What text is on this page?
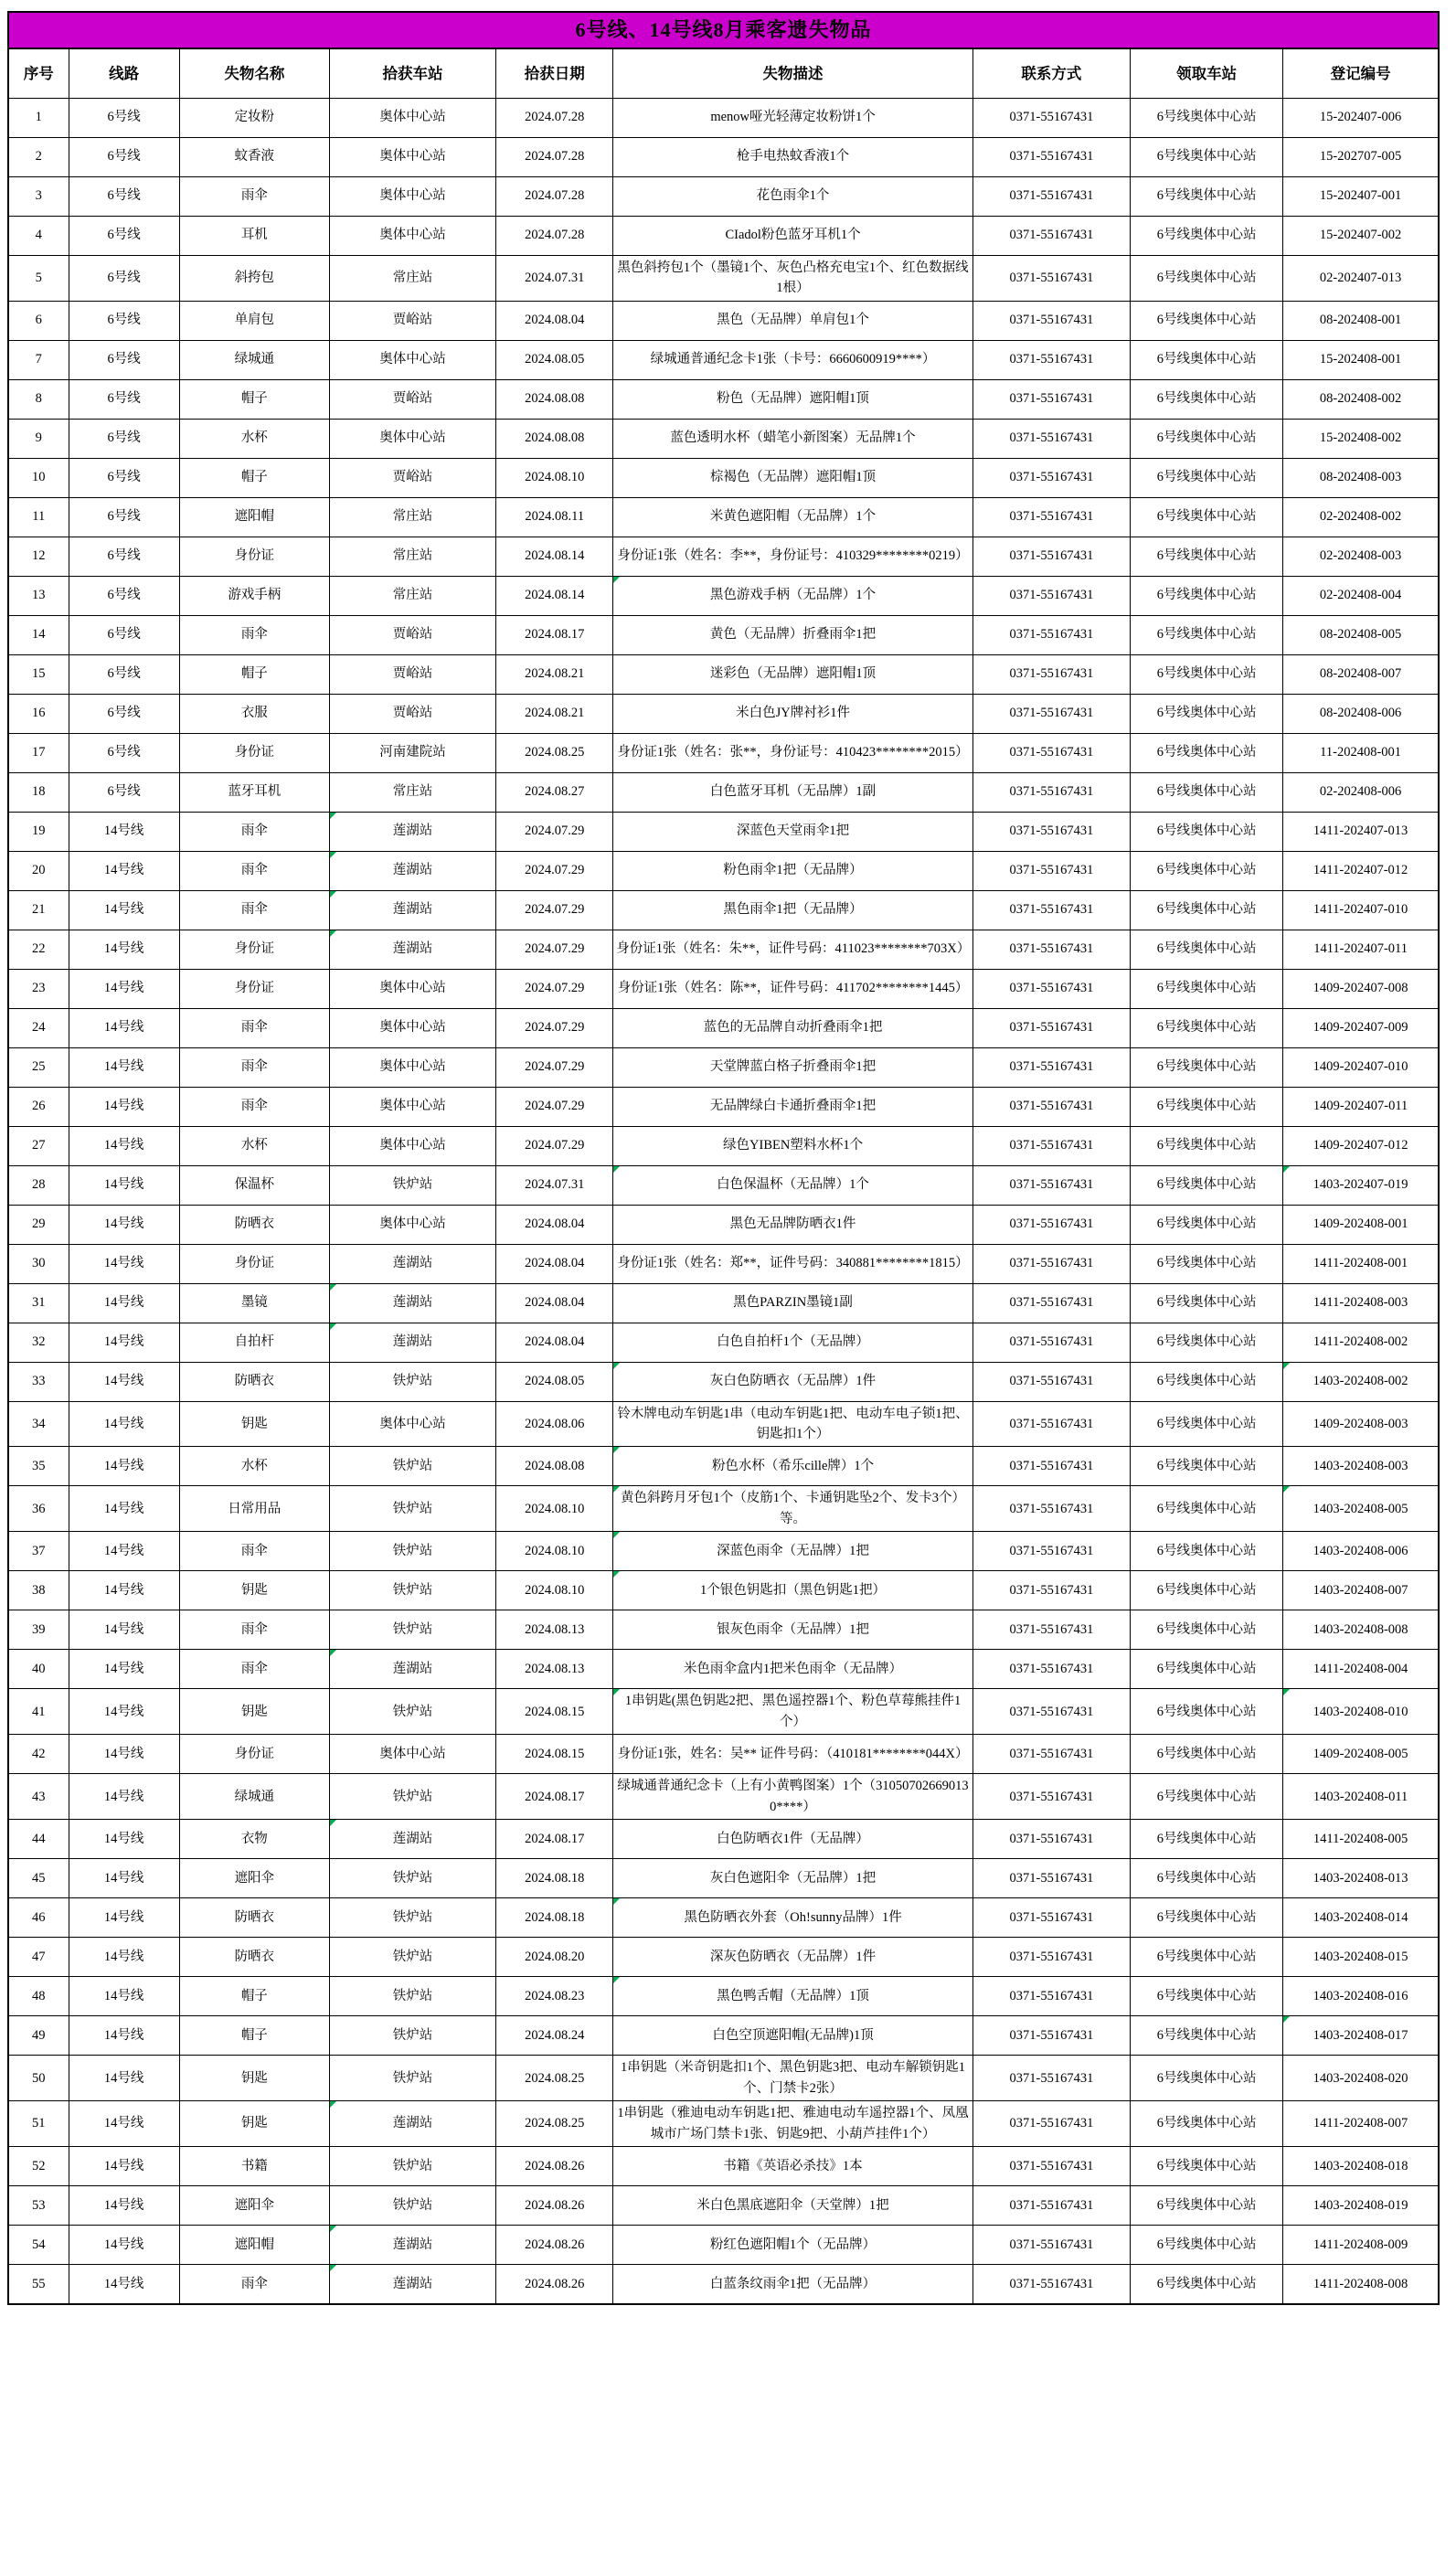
6号线、14号线8月乘客遗失物品								
序号	线路	失物名称	拾获车站	拾获日期	失物描述	联系方式	领取车站	登记编号
1	6号线	定妆粉	奥体中心站	2024.07.28	menow哑光轻薄定妆粉饼1个	0371-55167431	6号线奥体中心站	15-202407-006
2	6号线	蚊香液	奥体中心站	2024.07.28	枪手电热蚊香液1个	0371-55167431	6号线奥体中心站	15-202707-005
3	6号线	雨伞	奥体中心站	2024.07.28	花色雨伞1个	0371-55167431	6号线奥体中心站	15-202407-001
4	6号线	耳机	奥体中心站	2024.07.28	CIadol粉色蓝牙耳机1个	0371-55167431	6号线奥体中心站	15-202407-002
5	6号线	斜挎包	常庄站	2024.07.31	黑色斜挎包1个（墨镜1个、灰色凸格充电宝1个、红色数据线1根）	0371-55167431	6号线奥体中心站	02-202407-013
6	6号线	单肩包	贾峪站	2024.08.04	黑色（无品牌）单肩包1个	0371-55167431	6号线奥体中心站	08-202408-001
7	6号线	绿城通	奥体中心站	2024.08.05	绿城通普通纪念卡1张（卡号：6660600919****）	0371-55167431	6号线奥体中心站	15-202408-001
8	6号线	帽子	贾峪站	2024.08.08	粉色（无品牌）遮阳帽1顶	0371-55167431	6号线奥体中心站	08-202408-002
9	6号线	水杯	奥体中心站	2024.08.08	蓝色透明水杯（蜡笔小新图案）无品牌1个	0371-55167431	6号线奥体中心站	15-202408-002
10	6号线	帽子	贾峪站	2024.08.10	棕褐色（无品牌）遮阳帽1顶	0371-55167431	6号线奥体中心站	08-202408-003
11	6号线	遮阳帽	常庄站	2024.08.11	米黄色遮阳帽（无品牌）1个	0371-55167431	6号线奥体中心站	02-202408-002
12	6号线	身份证	常庄站	2024.08.14	身份证1张（姓名：李**，身份证号：410329********0219）	0371-55167431	6号线奥体中心站	02-202408-003
13	6号线	游戏手柄	常庄站	2024.08.14	黑色游戏手柄（无品牌）1个	0371-55167431	6号线奥体中心站	02-202408-004
14	6号线	雨伞	贾峪站	2024.08.17	黄色（无品牌）折叠雨伞1把	0371-55167431	6号线奥体中心站	08-202408-005
15	6号线	帽子	贾峪站	2024.08.21	迷彩色（无品牌）遮阳帽1顶	0371-55167431	6号线奥体中心站	08-202408-007
16	6号线	衣服	贾峪站	2024.08.21	米白色JY牌衬衫1件	0371-55167431	6号线奥体中心站	08-202408-006
17	6号线	身份证	河南建院站	2024.08.25	身份证1张（姓名：张**，身份证号：410423********2015）	0371-55167431	6号线奥体中心站	11-202408-001
18	6号线	蓝牙耳机	常庄站	2024.08.27	白色蓝牙耳机（无品牌）1副	0371-55167431	6号线奥体中心站	02-202408-006
19	14号线	雨伞	莲湖站	2024.07.29	深蓝色天堂雨伞1把	0371-55167431	6号线奥体中心站	1411-202407-013
20	14号线	雨伞	莲湖站	2024.07.29	粉色雨伞1把（无品牌）	0371-55167431	6号线奥体中心站	1411-202407-012
21	14号线	雨伞	莲湖站	2024.07.29	黑色雨伞1把（无品牌）	0371-55167431	6号线奥体中心站	1411-202407-010
22	14号线	身份证	莲湖站	2024.07.29	身份证1张（姓名：朱**，证件号码：411023********703X）	0371-55167431	6号线奥体中心站	1411-202407-011
23	14号线	身份证	奥体中心站	2024.07.29	身份证1张（姓名：陈**，证件号码：411702********1445）	0371-55167431	6号线奥体中心站	1409-202407-008
24	14号线	雨伞	奥体中心站	2024.07.29	蓝色的无品牌自动折叠雨伞1把	0371-55167431	6号线奥体中心站	1409-202407-009
25	14号线	雨伞	奥体中心站	2024.07.29	天堂牌蓝白格子折叠雨伞1把	0371-55167431	6号线奥体中心站	1409-202407-010
26	14号线	雨伞	奥体中心站	2024.07.29	无品牌绿白卡通折叠雨伞1把	0371-55167431	6号线奥体中心站	1409-202407-011
27	14号线	水杯	奥体中心站	2024.07.29	绿色YIBEN塑料水杯1个	0371-55167431	6号线奥体中心站	1409-202407-012
28	14号线	保温杯	铁炉站	2024.07.31	白色保温杯（无品牌）1个	0371-55167431	6号线奥体中心站	1403-202407-019

29	14号线	防晒衣	奥体中心站	2024.08.04	黑色无品牌防晒衣1件	0371-55167431	6号线奥体中心站	1409-202408-001
30	14号线	身份证	莲湖站	2024.08.04	身份证1张（姓名：郑**，证件号码：340881********1815）	0371-55167431	6号线奥体中心站	1411-202408-001
31	14号线	墨镜	莲湖站	2024.08.04	黑色PARZIN墨镜1副	0371-55167431	6号线奥体中心站	1411-202408-003
32	14号线	自拍杆	莲湖站	2024.08.04	白色自拍杆1个（无品牌）	0371-55167431	6号线奥体中心站	1411-202408-002
33	14号线	防晒衣	铁炉站	2024.08.05	灰白色防晒衣（无品牌）1件	0371-55167431	6号线奥体中心站	1403-202408-002

34	14号线	钥匙	奥体中心站	2024.08.06	铃木牌电动车钥匙1串（电动车钥匙1把、电动车电子锁1把、钥匙扣1个）	0371-55167431	6号线奥体中心站	1409-202408-003
35	14号线	水杯	铁炉站	2024.08.08	粉色水杯（希乐cille牌）1个	0371-55167431	6号线奥体中心站	1403-202408-003
36	14号线	日常用品	铁炉站	2024.08.10	黄色斜跨月牙包1个（皮筋1个、卡通钥匙坠2个、发卡3个）等。	0371-55167431	6号线奥体中心站	1403-202408-005

37	14号线	雨伞	铁炉站	2024.08.10	深蓝色雨伞（无品牌）1把	0371-55167431	6号线奥体中心站	1403-202408-006
38	14号线	钥匙	铁炉站	2024.08.10	1个银色钥匙扣（黑色钥匙1把）	0371-55167431	6号线奥体中心站	1403-202408-007
39	14号线	雨伞	铁炉站	2024.08.13	银灰色雨伞（无品牌）1把	0371-55167431	6号线奥体中心站	1403-202408-008
40	14号线	雨伞	莲湖站	2024.08.13	米色雨伞盒内1把米色雨伞（无品牌）	0371-55167431	6号线奥体中心站	1411-202408-004
41	14号线	钥匙	铁炉站	2024.08.15	1串钥匙(黑色钥匙2把、黑色遥控器1个、粉色草莓熊挂件1个）	0371-55167431	6号线奥体中心站	1403-202408-010

42	14号线	身份证	奥体中心站	2024.08.15	身份证1张，姓名：吴** 证件号码：（410181********044X）	0371-55167431	6号线奥体中心站	1409-202408-005
43	14号线	绿城通	铁炉站	2024.08.17	绿城通普通纪念卡（上有小黄鸭图案）1个（310507026690130****）	0371-55167431	6号线奥体中心站	1403-202408-011
44	14号线	衣物	莲湖站	2024.08.17	白色防晒衣1件（无品牌）	0371-55167431	6号线奥体中心站	1411-202408-005
45	14号线	遮阳伞	铁炉站	2024.08.18	灰白色遮阳伞（无品牌）1把	0371-55167431	6号线奥体中心站	1403-202408-013
46	14号线	防晒衣	铁炉站	2024.08.18	黑色防晒衣外套（Oh!sunny品牌）1件	0371-55167431	6号线奥体中心站	1403-202408-014
47	14号线	防晒衣	铁炉站	2024.08.20	深灰色防晒衣（无品牌）1件	0371-55167431	6号线奥体中心站	1403-202408-015
48	14号线	帽子	铁炉站	2024.08.23	黑色鸭舌帽（无品牌）1顶	0371-55167431	6号线奥体中心站	1403-202408-016
49	14号线	帽子	铁炉站	2024.08.24	白色空顶遮阳帽(无品牌)1顶	0371-55167431	6号线奥体中心站	1403-202408-017

50	14号线	钥匙	铁炉站	2024.08.25	1串钥匙（米奇钥匙扣1个、黑色钥匙3把、电动车解锁钥匙1个、门禁卡2张）	0371-55167431	6号线奥体中心站	1403-202408-020
51	14号线	钥匙	莲湖站	2024.08.25	1串钥匙（雅迪电动车钥匙1把、雅迪电动车遥控器1个、凤凰城市广场门禁卡1张、钥匙9把、小葫芦挂件1个）	0371-55167431	6号线奥体中心站	1411-202408-007
52	14号线	书籍	铁炉站	2024.08.26	书籍《英语必杀技》1本	0371-55167431	6号线奥体中心站	1403-202408-018
53	14号线	遮阳伞	铁炉站	2024.08.26	米白色黑底遮阳伞（天堂牌）1把	0371-55167431	6号线奥体中心站	1403-202408-019
54	14号线	遮阳帽	莲湖站	2024.08.26	粉红色遮阳帽1个（无品牌）	0371-55167431	6号线奥体中心站	1411-202408-009
55	14号线	雨伞	莲湖站	2024.08.26	白蓝条纹雨伞1把（无品牌）	0371-55167431	6号线奥体中心站	1411-202408-008
